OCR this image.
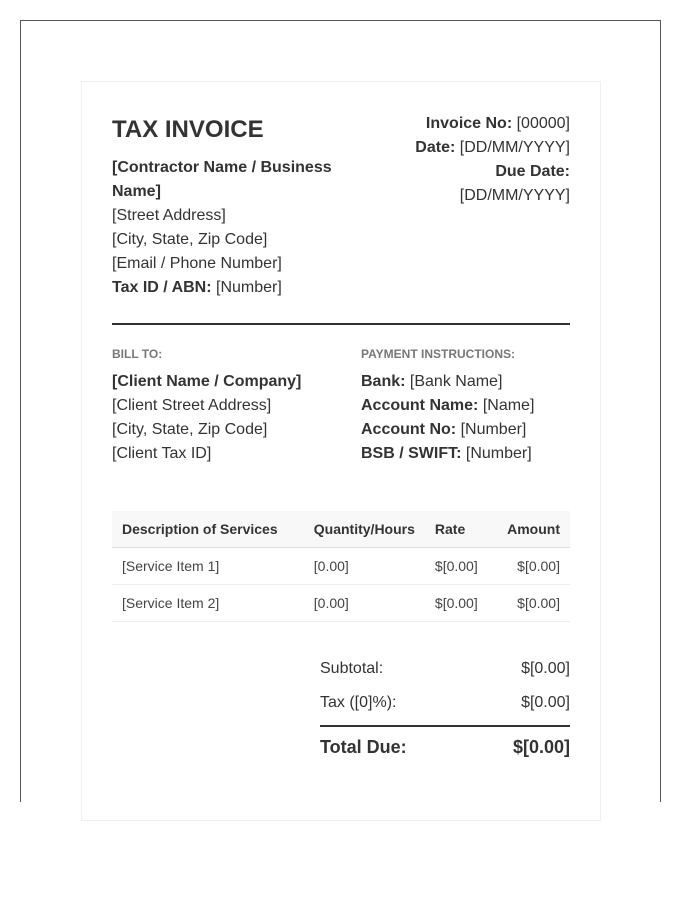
TAX INVOICE
[Contractor Name / Business Name]
[Street Address]
[City, State, Zip Code]
[Email / Phone Number]
Tax ID / ABN: [Number]
Invoice No: [00000]
Date: [DD/MM/YYYY]
Due Date:
[DD/MM/YYYY]
BILL TO:
[Client Name / Company]
[Client Street Address]
[City, State, Zip Code]
[Client Tax ID]
PAYMENT INSTRUCTIONS:
Bank: [Bank Name]
Account Name: [Name]
Account No: [Number]
BSB / SWIFT: [Number]
Description of Services	Quantity/Hours	Rate	Amount
[Service Item 1]	[0.00]	$[0.00]	$[0.00]
[Service Item 2]	[0.00]	$[0.00]	$[0.00]
Subtotal:	$[0.00]
Tax ([0]%):	$[0.00]
Total Due:	$[0.00]
